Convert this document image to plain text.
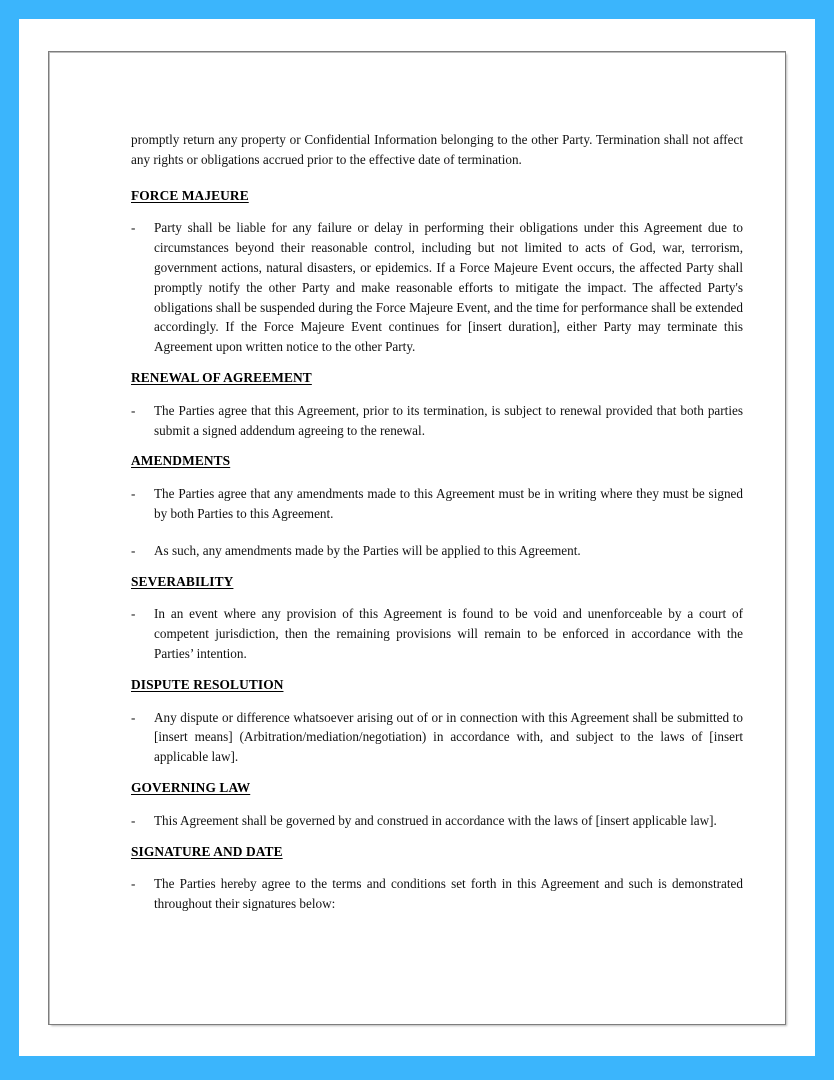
promptly return any property or Confidential Information belonging to the other Party. Termination shall not affect any rights or obligations accrued prior to the effective date of termination.

FORCE MAJEURE
-	Party shall be liable for any failure or delay in performing their obligations under this Agreement due to circumstances beyond their reasonable control, including but not limited to acts of God, war, terrorism, government actions, natural disasters, or epidemics. If a Force Majeure Event occurs, the affected Party shall promptly notify the other Party and make reasonable efforts to mitigate the impact. The affected Party's obligations shall be suspended during the Force Majeure Event, and the time for performance shall be extended accordingly. If the Force Majeure Event continues for [insert duration], either Party may terminate this Agreement upon written notice to the other Party.

RENEWAL OF AGREEMENT
-	The Parties agree that this Agreement, prior to its termination, is subject to renewal provided that both parties submit a signed addendum agreeing to the renewal.

AMENDMENTS
-	The Parties agree that any amendments made to this Agreement must be in writing where they must be signed by both Parties to this Agreement.

-	As such, any amendments made by the Parties will be applied to this Agreement.

SEVERABILITY
-	In an event where any provision of this Agreement is found to be void and unenforceable by a court of competent jurisdiction, then the remaining provisions will remain to be enforced in accordance with the Parties’ intention.

DISPUTE RESOLUTION
-	Any dispute or difference whatsoever arising out of or in connection with this Agreement shall be submitted to [insert means] (Arbitration/mediation/negotiation) in accordance with, and subject to the laws of [insert applicable law].

GOVERNING LAW
-	This Agreement shall be governed by and construed in accordance with the laws of [insert applicable law].

SIGNATURE AND DATE
-	The Parties hereby agree to the terms and conditions set forth in this Agreement and such is demonstrated throughout their signatures below:
